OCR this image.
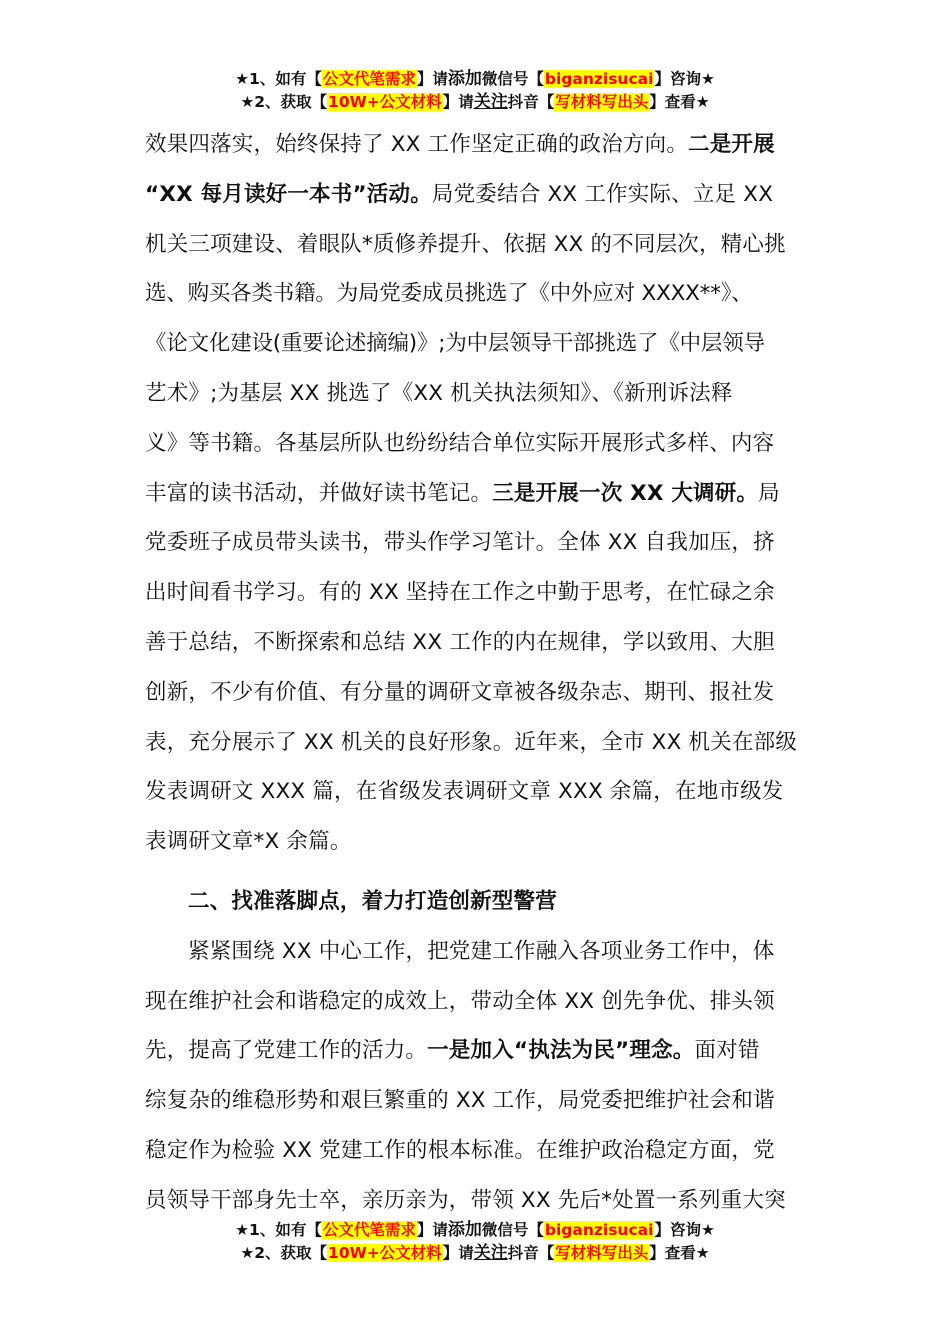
★1、如有【公文代笔需求】请添加微信号【biganzisucai】咨询★
★2、获取【10W+公文材料】请关注抖音【写材料写出头】查看★

效果四落实，始终保持了 XX 工作坚定正确的政治方向。二是开展
“XX 每月读好一本书”活动。局党委结合 XX 工作实际、立足 XX
机关三项建设、着眼队*质修养提升、依据 XX 的不同层次，精心挑
选、购买各类书籍。为局党委成员挑选了《中外应对 XXXX**》、
《论文化建设(重要论述摘编)》;为中层领导干部挑选了《中层领导
艺术》;为基层 XX 挑选了《XX 机关执法须知》、《新刑诉法释
义》等书籍。各基层所队也纷纷结合单位实际开展形式多样、内容
丰富的读书活动，并做好读书笔记。三是开展一次 XX 大调研。局
党委班子成员带头读书，带头作学习笔计。全体 XX 自我加压，挤
出时间看书学习。有的 XX 坚持在工作之中勤于思考，在忙碌之余
善于总结，不断探索和总结 XX 工作的内在规律，学以致用、大胆
创新，不少有价值、有分量的调研文章被各级杂志、期刊、报社发
表，充分展示了 XX 机关的良好形象。近年来，全市 XX 机关在部级
发表调研文 XXX 篇，在省级发表调研文章 XXX 余篇，在地市级发
表调研文章*X 余篇。

二、找准落脚点，着力打造创新型警营

紧紧围绕 XX 中心工作，把党建工作融入各项业务工作中，体
现在维护社会和谐稳定的成效上，带动全体 XX 创先争优、排头领
先，提高了党建工作的活力。一是加入“执法为民”理念。面对错
综复杂的维稳形势和艰巨繁重的 XX 工作，局党委把维护社会和谐
稳定作为检验 XX 党建工作的根本标准。在维护政治稳定方面，党
员领导干部身先士卒，亲历亲为，带领 XX 先后*处置一系列重大突

★1、如有【公文代笔需求】请添加微信号【biganzisucai】咨询★
★2、获取【10W+公文材料】请关注抖音【写材料写出头】查看★
